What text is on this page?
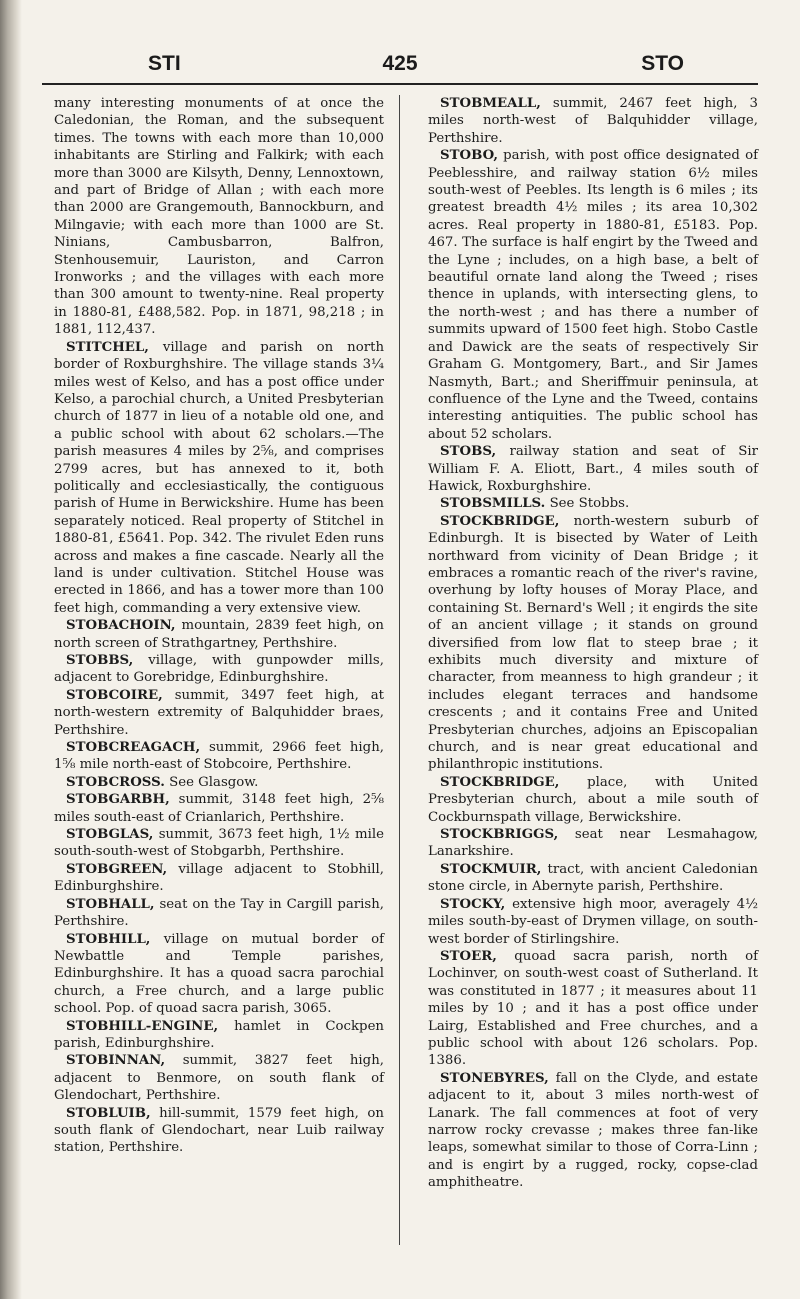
STI	425	STO

many interesting monuments of at once the Caledonian, the Roman, and the subsequent times. The towns with each more than 10,000 inhabitants are Stirling and Falkirk; with each more than 3000 are Kilsyth, Denny, Lennoxtown, and part of Bridge of Allan ; with each more than 2000 are Grangemouth, Bannockburn, and Milngavie; with each more than 1000 are St. Ninians, Cambusbarron, Balfron, Stenhousemuir, Lauriston, and Carron Ironworks ; and the villages with each more than 300 amount to twenty-nine. Real property in 1880-81, £488,582. Pop. in 1871, 98,218 ; in 1881, 112,437.

STITCHEL, village and parish on north border of Roxburghshire. The village stands 3¼ miles west of Kelso, and has a post office under Kelso, a parochial church, a United Presbyterian church of 1877 in lieu of a notable old one, and a public school with about 62 scholars.—The parish measures 4 miles by 2⅝, and comprises 2799 acres, but has annexed to it, both politically and ecclesiastically, the contiguous parish of Hume in Berwickshire. Hume has been separately noticed. Real property of Stitchel in 1880-81, £5641. Pop. 342. The rivulet Eden runs across and makes a fine cascade. Nearly all the land is under cultivation. Stitchel House was erected in 1866, and has a tower more than 100 feet high, commanding a very extensive view.

STOBACHOIN, mountain, 2839 feet high, on north screen of Strathgartney, Perthshire.

STOBBS, village, with gunpowder mills, adjacent to Gorebridge, Edinburghshire.

STOBCOIRE, summit, 3497 feet high, at north-western extremity of Balquhidder braes, Perthshire.

STOBCREAGACH, summit, 2966 feet high, 1⅝ mile north-east of Stobcoire, Perthshire.

STOBCROSS. See Glasgow.

STOBGARBH, summit, 3148 feet high, 2⅝ miles south-east of Crianlarich, Perthshire.

STOBGLAS, summit, 3673 feet high, 1½ mile south-south-west of Stobgarbh, Perthshire.

STOBGREEN, village adjacent to Stobhill, Edinburghshire.

STOBHALL, seat on the Tay in Cargill parish, Perthshire.

STOBHILL, village on mutual border of Newbattle and Temple parishes, Edinburghshire. It has a quoad sacra parochial church, a Free church, and a large public school. Pop. of quoad sacra parish, 3065.

STOBHILL-ENGINE, hamlet in Cockpen parish, Edinburghshire.

STOBINNAN, summit, 3827 feet high, adjacent to Benmore, on south flank of Glendochart, Perthshire.

STOBLUIB, hill-summit, 1579 feet high, on south flank of Glendochart, near Luib railway station, Perthshire.

STOBMEALL, summit, 2467 feet high, 3 miles north-west of Balquhidder village, Perthshire.

STOBO, parish, with post office designated of Peeblesshire, and railway station 6½ miles south-west of Peebles. Its length is 6 miles ; its greatest breadth 4½ miles ; its area 10,302 acres. Real property in 1880-81, £5183. Pop. 467. The surface is half engirt by the Tweed and the Lyne ; includes, on a high base, a belt of beautiful ornate land along the Tweed ; rises thence in uplands, with intersecting glens, to the north-west ; and has there a number of summits upward of 1500 feet high. Stobo Castle and Dawick are the seats of respectively Sir Graham G. Montgomery, Bart., and Sir James Nasmyth, Bart.; and Sheriffmuir peninsula, at confluence of the Lyne and the Tweed, contains interesting antiquities. The public school has about 52 scholars.

STOBS, railway station and seat of Sir William F. A. Eliott, Bart., 4 miles south of Hawick, Roxburghshire.

STOBSMILLS. See Stobbs.

STOCKBRIDGE, north-western suburb of Edinburgh. It is bisected by Water of Leith northward from vicinity of Dean Bridge ; it embraces a romantic reach of the river's ravine, overhung by lofty houses of Moray Place, and containing St. Bernard's Well ; it engirds the site of an ancient village ; it stands on ground diversified from low flat to steep brae ; it exhibits much diversity and mixture of character, from meanness to high grandeur ; it includes elegant terraces and handsome crescents ; and it contains Free and United Presbyterian churches, adjoins an Episcopalian church, and is near great educational and philanthropic institutions.

STOCKBRIDGE, place, with United Presbyterian church, about a mile south of Cockburnspath village, Berwickshire.

STOCKBRIGGS, seat near Lesmahagow, Lanarkshire.

STOCKMUIR, tract, with ancient Caledonian stone circle, in Abernyte parish, Perthshire.

STOCKY, extensive high moor, averagely 4½ miles south-by-east of Drymen village, on south-west border of Stirlingshire.

STOER, quoad sacra parish, north of Lochinver, on south-west coast of Sutherland. It was constituted in 1877 ; it measures about 11 miles by 10 ; and it has a post office under Lairg, Established and Free churches, and a public school with about 126 scholars. Pop. 1386.

STONEBYRES, fall on the Clyde, and estate adjacent to it, about 3 miles north-west of Lanark. The fall commences at foot of very narrow rocky crevasse ; makes three fan-like leaps, somewhat similar to those of Corra-Linn ; and is engirt by a rugged, rocky, copse-clad amphitheatre.
